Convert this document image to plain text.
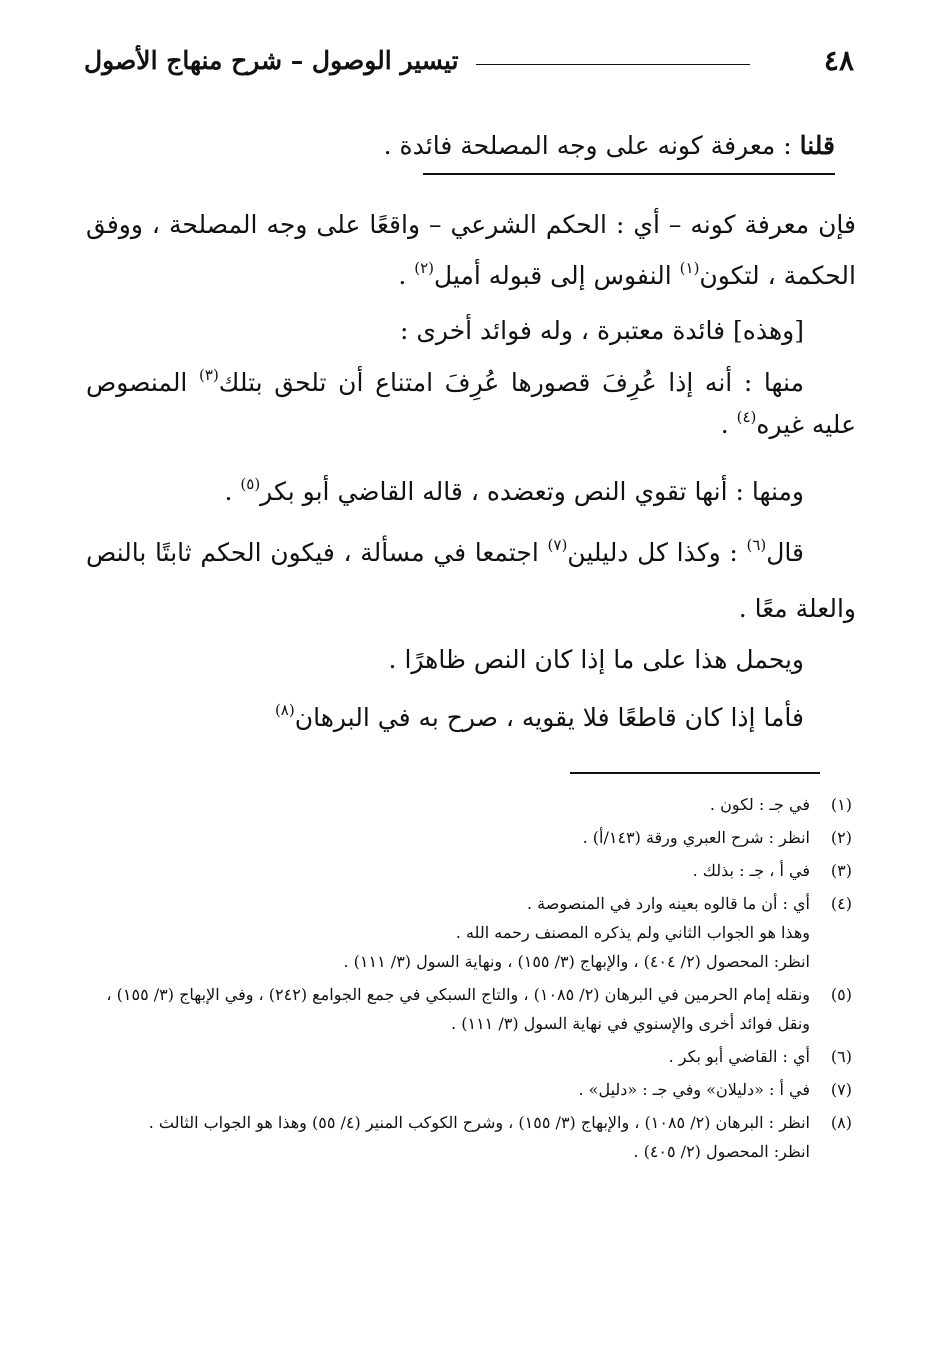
٤٨
تيسير الوصول – شرح منهاج الأصول
قلنا : معرفة كونه على وجه المصلحة فائدة .

فإن معرفة كونه – أي : الحكم الشرعي – واقعًا على وجه المصلحة ، ووفق الحكمة ، لتكون$^{(١)}$ النفوس إلى قبوله أميل$^{(٢)}$ .

[وهذه] فائدة معتبرة ، وله فوائد أخرى :

منها : أنه إذا عُرِفَ قصورها عُرِفَ امتناع أن تلحق بتلك$^{(٣)}$ المنصوص عليه غيره$^{(٤)}$ .

ومنها : أنها تقوي النص وتعضده ، قاله القاضي أبو بكر$^{(٥)}$ .

قال$^{(٦)}$ : وكذا كل دليلين$^{(٧)}$ اجتمعا في مسألة ، فيكون الحكم ثابتًا بالنص والعلة معًا .

ويحمل هذا على ما إذا كان النص ظاهرًا .

فأما إذا كان قاطعًا فلا يقويه ، صرح به في البرهان$^{(٨)}$

(١)
في جـ : لكون .
(٢)
انظر : شرح العبري ورقة (١٤٣/أ) .
(٣)
في أ ، جـ : بذلك .
(٤)
أي : أن ما قالوه بعينه وارد في المنصوصة .
وهذا هو الجواب الثاني ولم يذكره المصنف رحمه الله .
انظر: المحصول (٢/ ٤٠٤) ، والإبهاج (٣/ ١٥٥) ، ونهاية السول (٣/ ١١١) .
(٥)
ونقله إمام الحرمين في البرهان (٢/ ١٠٨٥) ، والتاج السبكي في جمع الجوامع (٢٤٢) ، وفي الإبهاج (٣/ ١٥٥) ، ونقل فوائد أخرى والإسنوي في نهاية السول (٣/ ١١١) .
(٦)
أي : القاضي أبو بكر .
(٧)
في أ : «دليلان» وفي جـ : «دليل» .
(٨)
انظر : البرهان (٢/ ١٠٨٥) ، والإبهاج (٣/ ١٥٥) ، وشرح الكوكب المنير (٤/ ٥٥) وهذا هو الجواب الثالث .
انظر: المحصول (٢/ ٤٠٥) .
